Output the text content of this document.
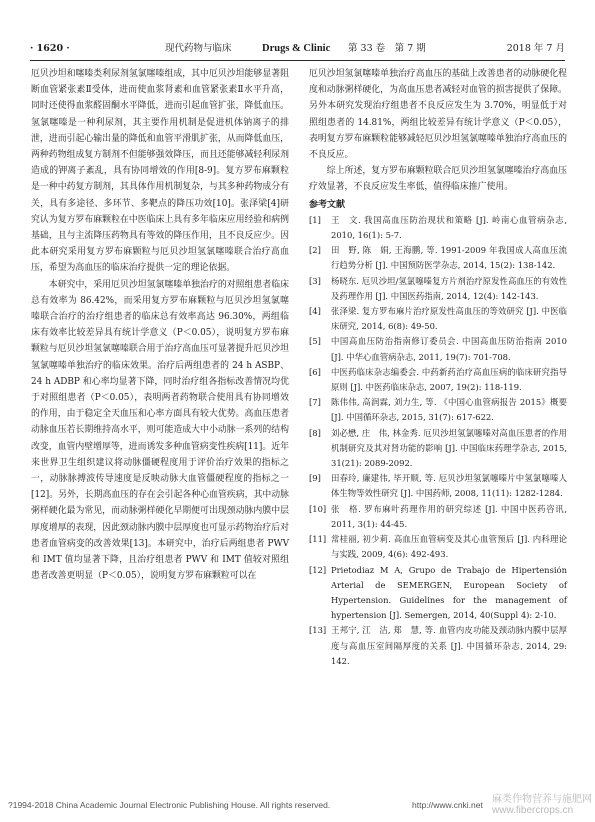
· 1620 ·	现代药物与临床	Drugs & Clinic 第 33 卷　第 7 期	2018 年 7 月

厄贝沙坦和噻嗪类利尿剂氢氯噻嗪组成，其中厄贝沙坦能够显著阻断血管紧张素Ⅱ受体，进而使血浆肾素和血管紧张素Ⅱ水平升高，同时还使得血浆醛固酮水平降低，进而引起血管扩张，降低血压。氢氯噻嗪是一种利尿剂，其主要作用机制是促进机体钠离子的排泄，进而引起心输出量的降低和血管平滑肌扩张，从而降低血压，两种药物组成复方制剂不但能够强效降压，而且还能够减轻利尿剂造成的钾离子紊乱，具有协同增效的作用[8-9]。复方罗布麻颗粒是一种中药复方制剂，其具体作用机制复杂，与其多种药物成分有关，具有多途径、多环节、多靶点的降压功效[10]。张泽梁[4]研究认为复方罗布麻颗粒在中医临床上具有多年临床应用经验和病例基础，且与主流降压药物具有等效的降压作用，且不良反应少。因此本研究采用复方罗布麻颗粒与厄贝沙坦氢氯噻嗪联合治疗高血压，希望为高血压的临床治疗提供一定的理论依据。

本研究中，采用厄贝沙坦氢氯噻嗪单独治疗的对照组患者临床总有效率为 86.42%，而采用复方罗布麻颗粒与厄贝沙坦氢氯噻嗪联合治疗的治疗组患者的临床总有效率高达 96.30%，两组临床有效率比较差异具有统计学意义（P＜0.05），说明复方罗布麻颗粒与厄贝沙坦氢氯噻嗪联合用于治疗高血压可显著提升厄贝沙坦氢氯噻嗪单独治疗的临床效果。治疗后两组患者的 24 h ASBP、24 h ADBP 和心率均显著下降，同时治疗组各指标改善情况均优于对照组患者（P＜0.05），表明两者药物联合使用具有协同增效的作用，由于稳定全天血压和心率方面具有较大优势。高血压患者动脉血压若长期维持高水平，则可能造成大中小动脉一系列的结构改变，血管内壁增厚等，进而诱发多种血管病变性疾病[11]。近年来世界卫生组织建议将动脉僵硬程度用于评价治疗效果的指标之一，动脉脉搏波传导速度是反映动脉大血管僵硬程度的指标之一[12]。另外，长期高血压的存在会引起各种心血管疾病，其中动脉粥样硬化最为常见，而动脉粥样硬化早期便可出现颈动脉内膜中层厚度增厚的表现，因此颈动脉内膜中层厚度也可显示药物治疗后对患者血管病变的改善效果[13]。本研究中，治疗后两组患者 PWV 和 IMT 值均显著下降，且治疗组患者 PWV 和 IMT 值较对照组患者改善更明显（P＜0.05），说明复方罗布麻颗粒可以在

厄贝沙坦氢氯噻嗪单独治疗高血压的基础上改善患者的动脉硬化程度和动脉粥样硬化，为高血压患者减轻对血管的损害提供了保障。另外本研究发现治疗组患者不良反应发生为 3.70%，明显低于对照组患者的 14.81%，两组比较差异有统计学意义（P＜0.05），表明复方罗布麻颗粒能够减轻厄贝沙坦氢氯噻嗪单独治疗高血压的不良反应。

综上所述，复方罗布麻颗粒联合厄贝沙坦氢氯噻嗪治疗高血压疗效显著，不良反应发生率低，值得临床推广使用。

参考文献
[1] 王　文. 我国高血压防治现状和策略 [J]. 岭南心血管病杂志, 2010, 16(1): 5-7.
[2] 田　野, 陈　娟, 王海鹏, 等. 1991-2009 年我国成人高血压流行趋势分析 [J]. 中国预防医学杂志, 2014, 15(2): 138-142.
[3] 杨晓东. 厄贝沙坦/氢氯噻嗪复方片剂治疗原发性高血压的有效性及药理作用 [J]. 中国医药指南, 2014, 12(4): 142-143.
[4] 张泽梁. 复方罗布麻片治疗原发性高血压的等效研究 [J]. 中医临床研究, 2014, 6(8): 49-50.
[5] 中国高血压防治指南修订委员会. 中国高血压防治指南 2010 [J]. 中华心血管病杂志, 2011, 19(7): 701-708.
[6] 中医药临床杂志编委会. 中药新药治疗高血压病的临床研究指导原则 [J]. 中医药临床杂志, 2007, 19(2): 118-119.
[7] 陈伟伟, 高润霖, 刘力生, 等. 《中国心血管病报告 2015》概要 [J]. 中国循环杂志, 2015, 31(7): 617-622.
[8] 刘必懋, 庄　伟, 林金秀. 厄贝沙坦氢氯噻嗪对高血压患者的作用机制研究及其对肾功能的影响 [J]. 中国临床药理学杂志, 2015, 31(21): 2089-2092.
[9] 田春玲, 廉建伟, 毕开顺, 等. 厄贝沙坦氢氯噻嗪片中氢氯噻嗪人体生物等效性研究 [J]. 中国药师, 2008, 11(11): 1282-1284.
[10] 张　格. 罗布麻叶药理作用的研究综述 [J]. 中国中医药咨讯, 2011, 3(1): 44-45.
[11] 常桂丽, 初少莉. 高血压血管病变及其心血管预后 [J]. 内科理论与实践, 2009, 4(6): 492-493.
[12] Prietodiaz M A, Grupo de Trabajo de Hipertensión Arterial de SEMERGEN, European Society of Hypertension. Guidelines for the management of hypertension [J]. Semergen, 2014, 40(Suppl 4): 2-10.
[13] 王邦宁, 江　洁, 郑　慧, 等. 血管内皮功能及颈动脉内膜中层厚度与高血压室间隔厚度的关系 [J]. 中国循环杂志, 2014, 29: 142.
?1994-2018 China Academic Journal Electronic Publishing House. All rights reserved.	http://www.cnki.net 麻类作物营养与施肥网 www.fibercrops.cn
